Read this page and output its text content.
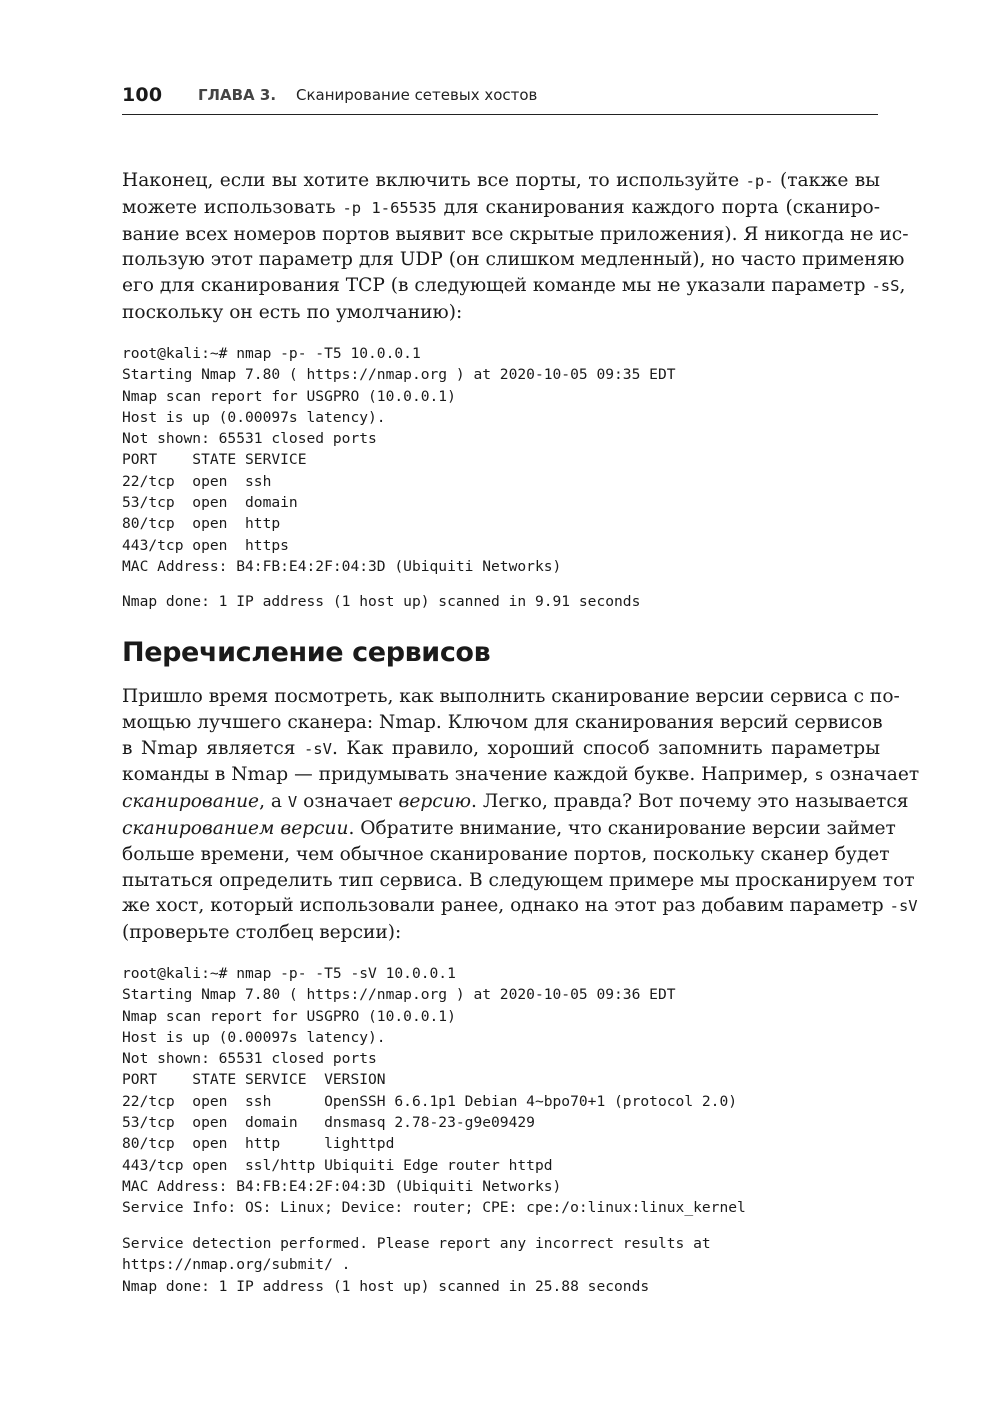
100 ГЛАВА 3. Сканирование сетевых хостов

Наконец, если вы хотите включить все порты, то используйте -p- (также вы
можете использовать -p 1-65535 для сканирования каждого порта (сканиро-
вание всех номеров портов выявит все скрытые приложения). Я никогда не ис-
пользую этот параметр для UDP (он слишком медленный), но часто применяю
его для сканирования TCP (в следующей команде мы не указали параметр -sS,
поскольку он есть по умолчанию):

root@kali:~# nmap -p- -T5 10.0.0.1
Starting Nmap 7.80 ( https://nmap.org ) at 2020-10-05 09:35 EDT
Nmap scan report for USGPRO (10.0.0.1)
Host is up (0.00097s latency).
Not shown: 65531 closed ports
PORT    STATE SERVICE
22/tcp  open  ssh
53/tcp  open  domain
80/tcp  open  http
443/tcp open  https
MAC Address: B4:FB:E4:2F:04:3D (Ubiquiti Networks)
Nmap done: 1 IP address (1 host up) scanned in 9.91 seconds
Перечисление сервисов

Пришло время посмотреть, как выполнить сканирование версии сервиса с по-
мощью лучшего сканера: Nmap. Ключом для сканирования версий сервисов
в Nmap является -sV. Как правило, хороший способ запомнить параметры
команды в Nmap — придумывать значение каждой букве. Например, s означает
сканирование, а V означает версию. Легко, правда? Вот почему это называется
сканированием версии. Обратите внимание, что сканирование версии займет
больше времени, чем обычное сканирование портов, поскольку сканер будет
пытаться определить тип сервиса. В следующем примере мы просканируем тот
же хост, который использовали ранее, однако на этот раз добавим параметр -sV
(проверьте столбец версии):

root@kali:~# nmap -p- -T5 -sV 10.0.0.1
Starting Nmap 7.80 ( https://nmap.org ) at 2020-10-05 09:36 EDT
Nmap scan report for USGPRO (10.0.0.1)
Host is up (0.00097s latency).
Not shown: 65531 closed ports
PORT    STATE SERVICE  VERSION
22/tcp  open  ssh      OpenSSH 6.6.1p1 Debian 4~bpo70+1 (protocol 2.0)
53/tcp  open  domain   dnsmasq 2.78-23-g9e09429
80/tcp  open  http     lighttpd
443/tcp open  ssl/http Ubiquiti Edge router httpd
MAC Address: B4:FB:E4:2F:04:3D (Ubiquiti Networks)
Service Info: OS: Linux; Device: router; CPE: cpe:/o:linux:linux_kernel
Service detection performed. Please report any incorrect results at
https://nmap.org/submit/ .
Nmap done: 1 IP address (1 host up) scanned in 25.88 seconds
